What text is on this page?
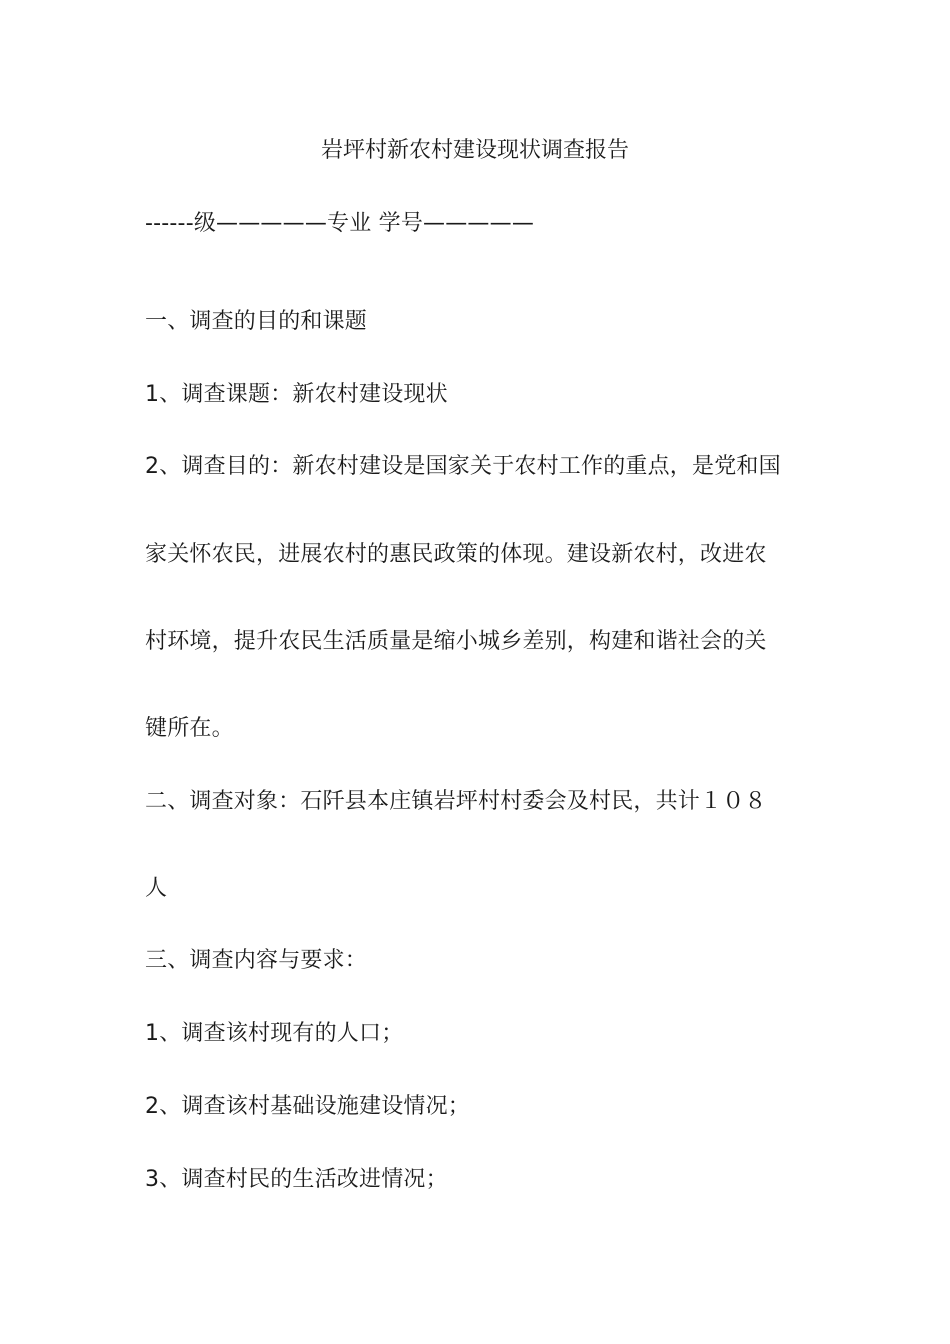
岩坪村新农村建设现状调查报告
------级—————专业 学号—————
一、调查的目的和课题
1、调查课题：新农村建设现状
2、调查目的：新农村建设是国家关于农村工作的重点，是党和国
家关怀农民，进展农村的惠民政策的体现。建设新农村，改进农
村环境，提升农民生活质量是缩小城乡差别，构建和谐社会的关
键所在。
二、调查对象：石阡县本庄镇岩坪村村委会及村民，共计１０８
人
三、调查内容与要求：
1、调查该村现有的人口；
2、调查该村基础设施建设情况；
3、调查村民的生活改进情况；
